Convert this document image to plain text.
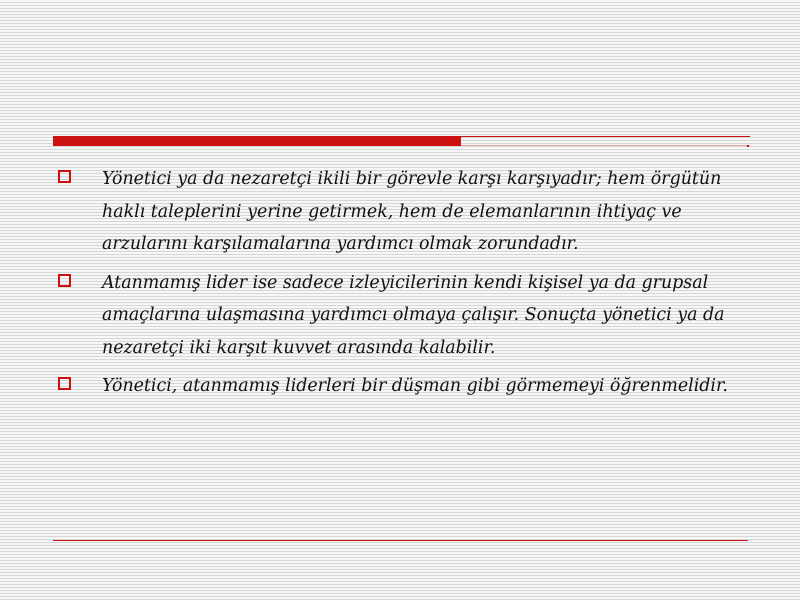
Yönetici ya da nezaretçi ikili bir görevle karşı karşıyadır; hem örgütün haklı taleplerini yerine getirmek, hem de elemanlarının ihtiyaç ve arzularını karşılamalarına yardımcı olmak zorundadır.
Atanmamış lider ise sadece izleyicilerinin kendi kişisel ya da grupsal amaçlarına ulaşmasına yardımcı olmaya çalışır. Sonuçta yönetici ya da nezaretçi iki karşıt kuvvet arasında kalabilir.
Yönetici, atanmamış liderleri bir düşman gibi görmemeyi öğrenmelidir.
